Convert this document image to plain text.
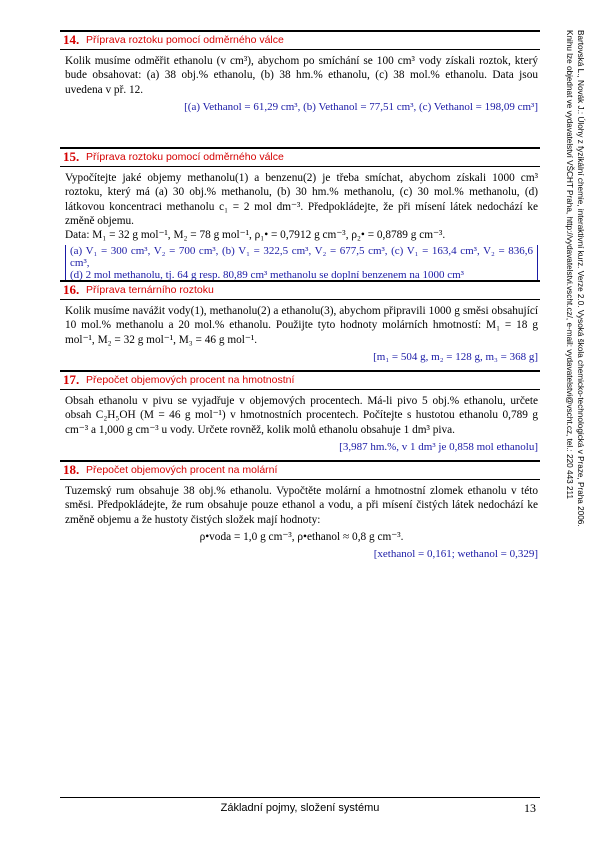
14. Příprava roztoku pomocí odměrného válce

Kolik musíme odměřit ethanolu (v cm³), abychom po smíchání se 100 cm³ vody získali roztok, který bude obsahovat: (a) 38 obj.% ethanolu, (b) 38 hm.% ethanolu, (c) 38 mol.% ethanolu. Data jsou uvedena v př. 12.

[(a) Vethanol = 61,29 cm³, (b) Vethanol = 77,51 cm³, (c) Vethanol = 198,09 cm³]
15. Příprava roztoku pomocí odměrného válce

Vypočítejte jaké objemy methanolu(1) a benzenu(2) je třeba smíchat, abychom získali 1000 cm³ roztoku, který má (a) 30 obj.% methanolu, (b) 30 hm.% methanolu, (c) 30 mol.% methanolu, (d) látkovou koncentraci methanolu c₁ = 2 mol dm⁻³. Předpokládejte, že při mísení látek nedochází ke změně objemu.

Data: M₁ = 32 g mol⁻¹, M₂ = 78 g mol⁻¹, ρ₁• = 0,7912 g cm⁻³, ρ₂• = 0,8789 g cm⁻³.

(a) V₁ = 300 cm³, V₂ = 700 cm³, (b) V₁ = 322,5 cm³, V₂ = 677,5 cm³, (c) V₁ = 163,4 cm³, V₂ = 836,6 cm³,
(d) 2 mol methanolu, tj. 64 g resp. 80,89 cm³ methanolu se doplní benzenem na 1000 cm³
16. Příprava ternárního roztoku

Kolik musíme navážit vody(1), methanolu(2) a ethanolu(3), abychom připravili 1000 g směsi obsahující 10 mol.% methanolu a 20 mol.% ethanolu. Použijte tyto hodnoty molárních hmotností: M₁ = 18 g mol⁻¹, M₂ = 32 g mol⁻¹, M₃ = 46 g mol⁻¹.

[m₁ = 504 g, m₂ = 128 g, m₃ = 368 g]
17. Přepočet objemových procent na hmotnostní

Obsah ethanolu v pivu se vyjadřuje v objemových procentech. Má-li pivo 5 obj.% ethanolu, určete obsah C₂H₅OH (M = 46 g mol⁻¹) v hmotnostních procentech. Počítejte s hustotou ethanolu 0,789 g cm⁻³ a 1,000 g cm⁻³ u vody. Určete rovněž, kolik molů ethanolu obsahuje 1 dm³ piva.

[3,987 hm.%, v 1 dm³ je 0,858 mol ethanolu]
18. Přepočet objemových procent na molární

Tuzemský rum obsahuje 38 obj.% ethanolu. Vypočtěte molární a hmotnostní zlomek ethanolu v této směsi. Předpokládejte, že rum obsahuje pouze ethanol a vodu, a při mísení čistých látek nedochází ke změně objemu a že hustoty čistých složek mají hodnoty:

ρ•voda = 1,0 g cm⁻³, ρ•ethanol ≈ 0,8 g cm⁻³.
[xethanol = 0,161; wethanol = 0,329]
Bartovská L., Novák J.: Úlohy z fyzikální chemie, interaktivní kurz. Verze 2.0. Vysoká škola chemicko-technologická v Praze, Praha 2006.
Knihu lze objednat ve vydavatelství VŠCHT Praha, http://vydavatelstvi.vscht.cz/, e-mail: vydavatelstvi@vscht.cz, tel.: 220 443 211
Základní pojmy, složení systému	13
